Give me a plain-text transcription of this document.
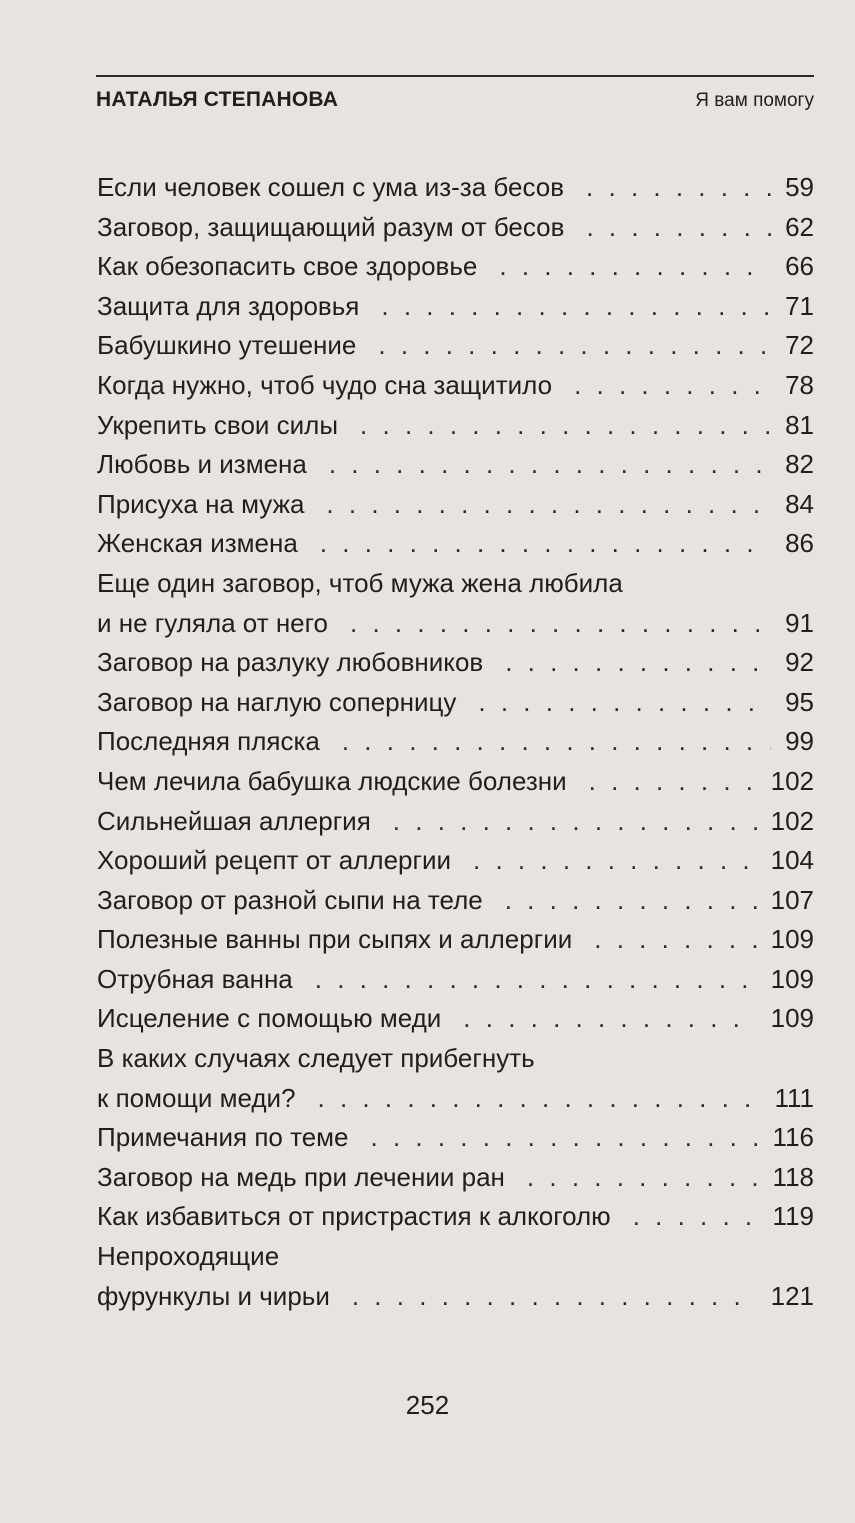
НАТАЛЬЯ СТЕПАНОВА	Я вам помогу
Если человек сошел с ума из-за бесов . . .	59
Заговор, защищающий разум от бесов . . .	62
Как обезопасить свое здоровье . . .	66
Защита для здоровья . . .	71
Бабушкино утешение . . .	72
Когда нужно, чтоб чудо сна защитило . . .	78
Укрепить свои силы . . .	81
Любовь и измена . . .	82
Присуха на мужа . . .	84
Женская измена . . .	86
Еще один заговор, чтоб мужа жена любила
и не гуляла от него . . .	91
Заговор на разлуку любовников . . .	92
Заговор на наглую соперницу . . .	95
Последняя пляска . . .	99
Чем лечила бабушка людские болезни . . .	102
Сильнейшая аллергия . . .	102
Хороший рецепт от аллергии . . .	104
Заговор от разной сыпи на теле . . .	107
Полезные ванны при сыпях и аллергии . . .	109
Отрубная ванна . . .	109
Исцеление с помощью меди . . .	109
В каких случаях следует прибегнуть
к помощи меди? . . .	111
Примечания по теме . . .	116
Заговор на медь при лечении ран . . .	118
Как избавиться от пристрастия к алкоголю . . .	119
Непроходящие
фурункулы и чирьи . . .	121
252
